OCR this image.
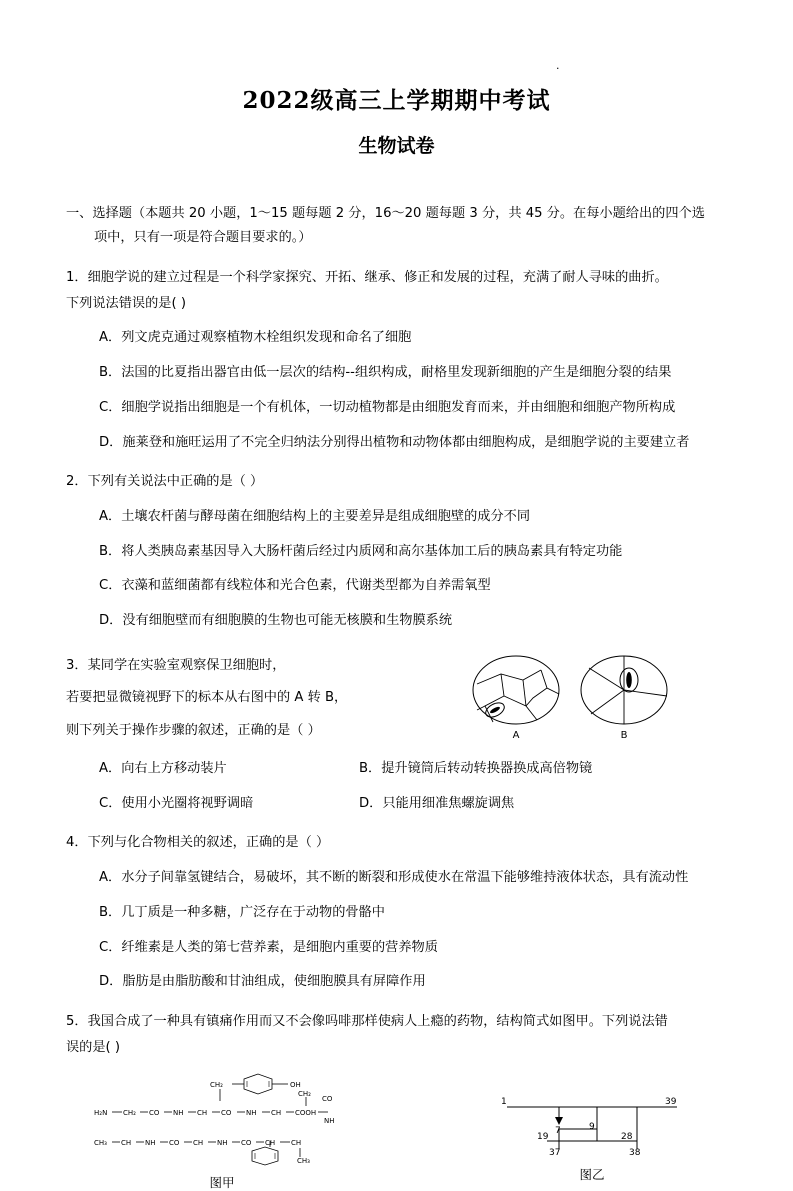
.
2022级高三上学期期中考试
生物试卷
一、选择题（本题共 20 小题，1～15 题每题 2 分，16～20 题每题 3 分，共 45 分。在每小题给出的四个选
项中，只有一项是符合题目要求的。）
1．细胞学说的建立过程是一个科学家探究、开拓、继承、修正和发展的过程，充满了耐人寻味的曲折。
下列说法错误的是( )
A．列文虎克通过观察植物木栓组织发现和命名了细胞
B．法国的比夏指出器官由低一层次的结构--组织构成，耐格里发现新细胞的产生是细胞分裂的结果
C．细胞学说指出细胞是一个有机体，一切动植物都是由细胞发育而来，并由细胞和细胞产物所构成
D．施莱登和施旺运用了不完全归纳法分别得出植物和动物体都由细胞构成，是细胞学说的主要建立者
2．下列有关说法中正确的是（ ）
A．土壤农杆菌与酵母菌在细胞结构上的主要差异是组成细胞壁的成分不同
B．将人类胰岛素基因导入大肠杆菌后经过内质网和高尔基体加工后的胰岛素具有特定功能
C．衣藻和蓝细菌都有线粒体和光合色素，代谢类型都为自养需氧型
D．没有细胞壁而有细胞膜的生物也可能无核膜和生物膜系统
3．某同学在实验室观察保卫细胞时，
若要把显微镜视野下的标本从右图中的 A 转 B，
则下列关于操作步骤的叙述，正确的是（ ）	A	B
A．向右上方移动装片	B．提升镜筒后转动转换器换成高倍物镜
C．使用小光圈将视野调暗	D．只能用细准焦螺旋调焦
4．下列与化合物相关的叙述，正确的是（ ）
A．水分子间靠氢键结合，易破坏，其不断的断裂和形成使水在常温下能够维持液体状态，具有流动性
B．几丁质是一种多糖，广泛存在于动物的骨骼中
C．纤维素是人类的第七营养素，是细胞内重要的营养物质
D．脂肪是由脂肪酸和甘油组成，使细胞膜具有屏障作用
5．我国合成了一种具有镇痛作用而又不会像吗啡那样使病人上瘾的药物，结构简式如图甲。下列说法错
误的是( )
OH
CH₂
H₂N CH₂ CO NH CH CO NH CH COOH
CH₂
CO
NH
CH₃ CH NH CO CH NH CO CH CH
CH₃
图甲
1	39
19
7	9
28
37	38
图乙
